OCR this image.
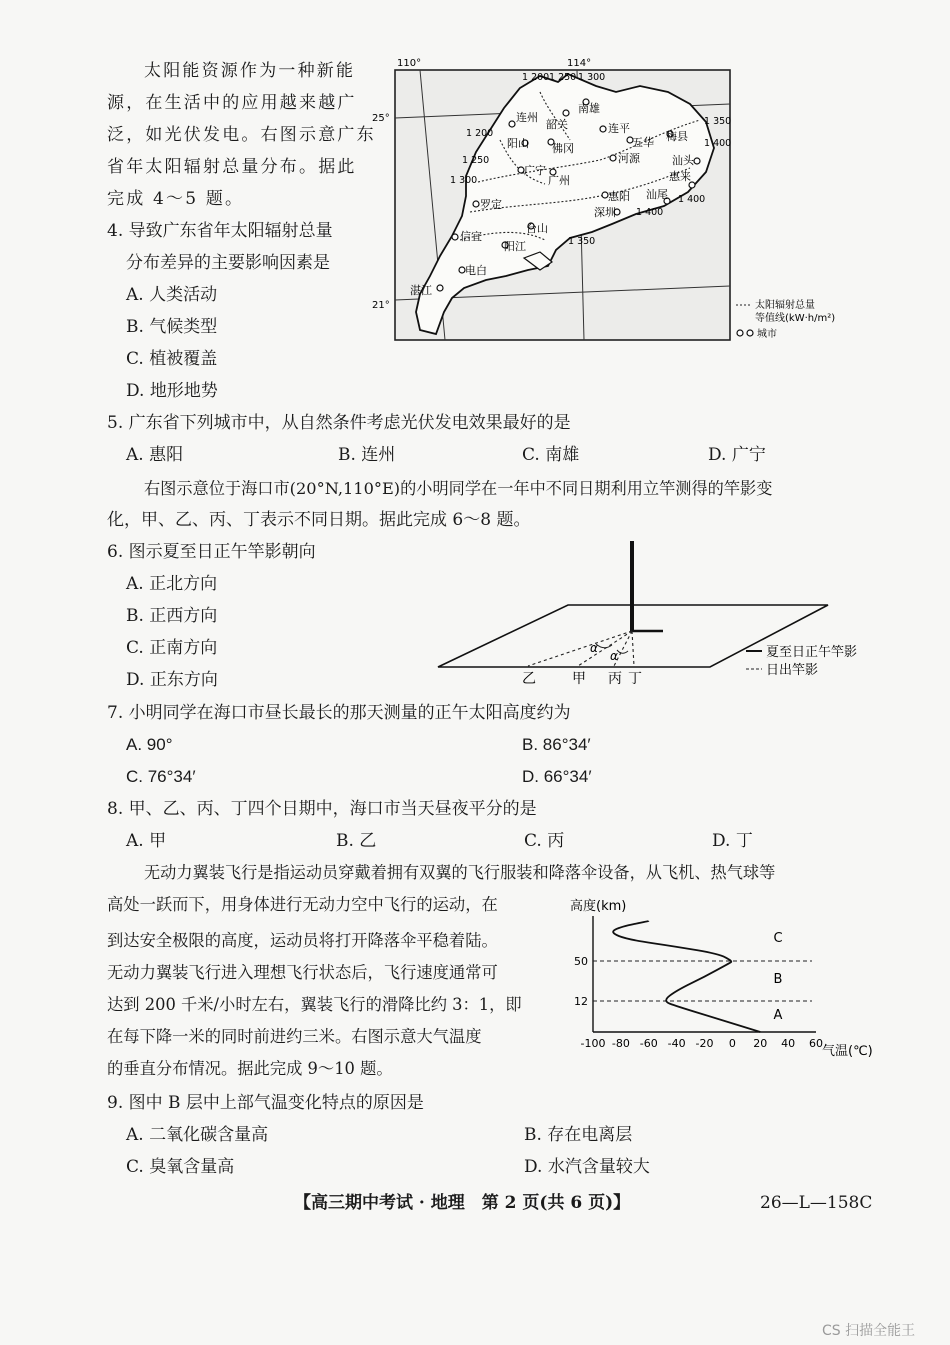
太阳能资源作为一种新能
源，在生活中的应用越来越广
泛，如光伏发电。右图示意广东
省年太阳辐射总量分布。据此
完成 4～5 题。
4. 导致广东省年太阳辐射总量
分布差异的主要影响因素是
A. 人类活动
B. 气候类型
C. 植被覆盖
D. 地形地势
110°	114°
25°
21°
1 200 1 250 1 300
1 350
1 400
1 200
1 250
1 300
1 400
1 400
1 350
南雄
连州
韶关	连平
梅县
阳山 佛冈	五华
河源	汕头
广宁
广州	惠来
罗定
惠阳 汕尾
深圳
信宜
台山
阳江
电白
湛江
太阳辐射总量
等值线(kW·h/m²)
城市
5. 广东省下列城市中，从自然条件考虑光伏发电效果最好的是
A. 惠阳	B. 连州	C. 南雄	D. 广宁
右图示意位于海口市(20°N,110°E)的小明同学在一年中不同日期利用立竿测得的竿影变
化，甲、乙、丙、丁表示不同日期。据此完成 6～8 题。
6. 图示夏至日正午竿影朝向
A. 正北方向
B. 正西方向
C. 正南方向
D. 正东方向
α
α
乙	甲 丙 丁
夏至日正午竿影
日出竿影
7. 小明同学在海口市昼长最长的那天测量的正午太阳高度约为
A. 90°	B. 86°34′
C. 76°34′	D. 66°34′
8. 甲、乙、丙、丁四个日期中，海口市当天昼夜平分的是
A. 甲	B. 乙	C. 丙	D. 丁
无动力翼装飞行是指运动员穿戴着拥有双翼的飞行服装和降落伞设备，从飞机、热气球等
高处一跃而下，用身体进行无动力空中飞行的运动，在
到达安全极限的高度，运动员将打开降落伞平稳着陆。
无动力翼装飞行进入理想飞行状态后，飞行速度通常可
达到 200 千米/小时左右，翼装飞行的滑降比约 3：1，即
在每下降一米的同时前进约三米。右图示意大气温度
的垂直分布情况。据此完成 9～10 题。
高度(km)
气温(℃)
-100 -80 -60 -40 -20 0 20 40 60
12
50
A
B
C
9. 图中 B 层中上部气温变化特点的原因是
A. 二氧化碳含量高	B. 存在电离层
C. 臭氧含量高	D. 水汽含量较大
【高三期中考试 · 地理　第 2 页(共 6 页)】	26—L—158C
CS 扫描全能王
